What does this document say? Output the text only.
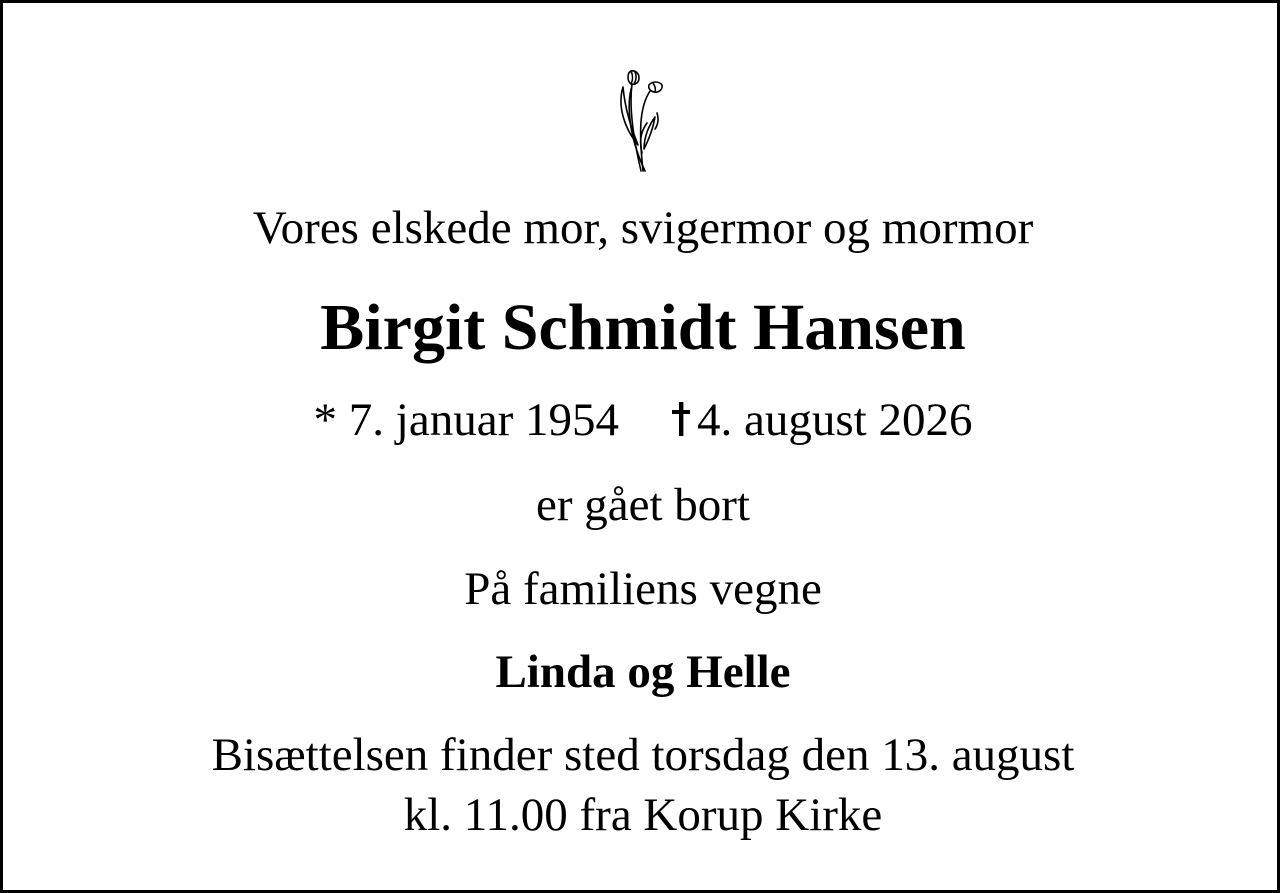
Vores elskede mor, svigermor og mormor
Birgit Schmidt Hansen
* 7. januar 1954 4. august 2026
er gået bort
På familiens vegne
Linda og Helle
Bisættelsen finder sted torsdag den 13. august
kl. 11.00 fra Korup Kirke
